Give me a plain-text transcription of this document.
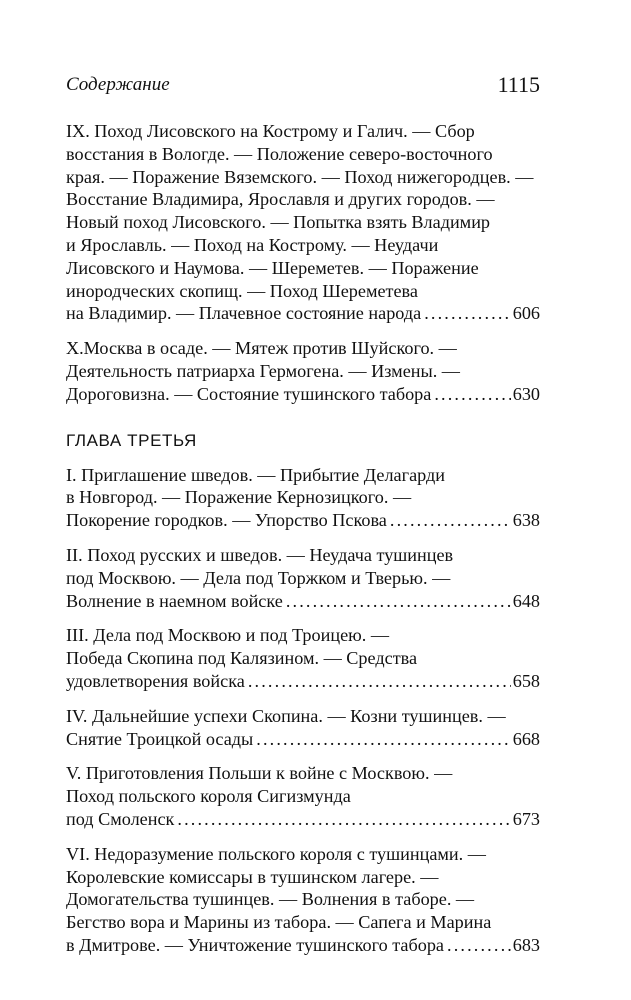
Содержание	1115
IX. Поход Лисовского на Кострому и Галич. — Сбор
восстания в Вологде. — Положение северо-восточного
края. — Поражение Вяземского. — Поход нижегородцев. —
Восстание Владимира, Ярославля и других городов. —
Новый поход Лисовского. — Попытка взять Владимир
и Ярославль. — Поход на Кострому. — Неудачи
Лисовского и Наумова. — Шереметев. — Поражение
инородческих скопищ. — Поход Шереметева
на Владимир. — Плачевное состояние народа . . .	606
X.Москва в осаде. — Мятеж против Шуйского. —
Деятельность патриарха Гермогена. — Измены. —
Дороговизна. — Состояние тушинского табора . . .	630
ГЛАВА ТРЕТЬЯ
I. Приглашение шведов. — Прибытие Делагарди
в Новгород. — Поражение Кернозицкого. —
Покорение городков. — Упорство Пскова . . .	638
II. Поход русских и шведов. — Неудача тушинцев
под Москвою. — Дела под Торжком и Тверью. —
Волнение в наемном войске . . .	648
III. Дела под Москвою и под Троицею. —
Победа Скопина под Калязином. — Средства
удовлетворения войска . . .	658
IV. Дальнейшие успехи Скопина. — Козни тушинцев. —
Снятие Троицкой осады . . .	668
V. Приготовления Польши к войне с Москвою. —
Поход польского короля Сигизмунда
под Смоленск . . .	673
VI. Недоразумение польского короля с тушинцами. —
Королевские комиссары в тушинском лагере. —
Домогательства тушинцев. — Волнения в таборе. —
Бегство вора и Марины из табора. — Сапега и Марина
в Дмитрове. — Уничтожение тушинского табора . . .	683
